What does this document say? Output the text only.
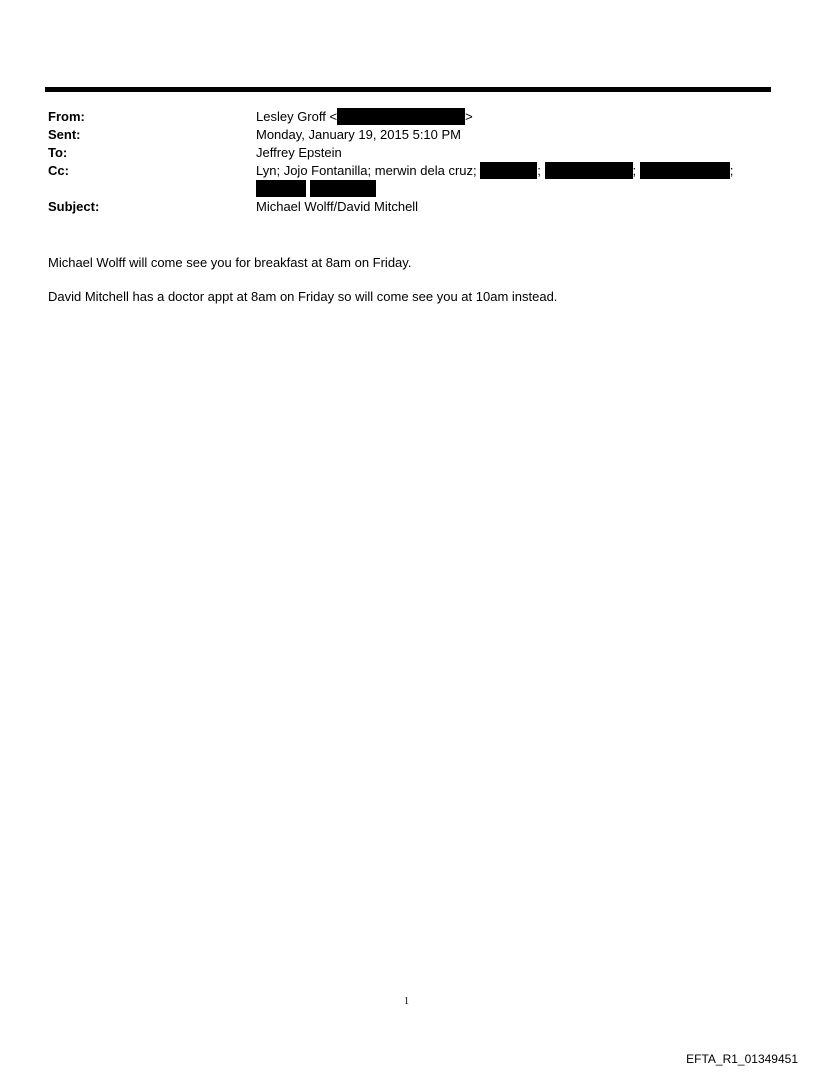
From:	Lesley Groff <	>
Sent:	Monday, January 19, 2015 5:10 PM
To:	Jeffrey Epstein
Cc:	Lyn; Jojo Fontanilla; merwin dela cruz;	;	;	;

Subject:	Michael Wolff/David Mitchell

Michael Wolff will come see you for breakfast at 8am on Friday.

David Mitchell has a doctor appt at 8am on Friday so will come see you at 10am instead.

1
EFTA_R1_01349451
